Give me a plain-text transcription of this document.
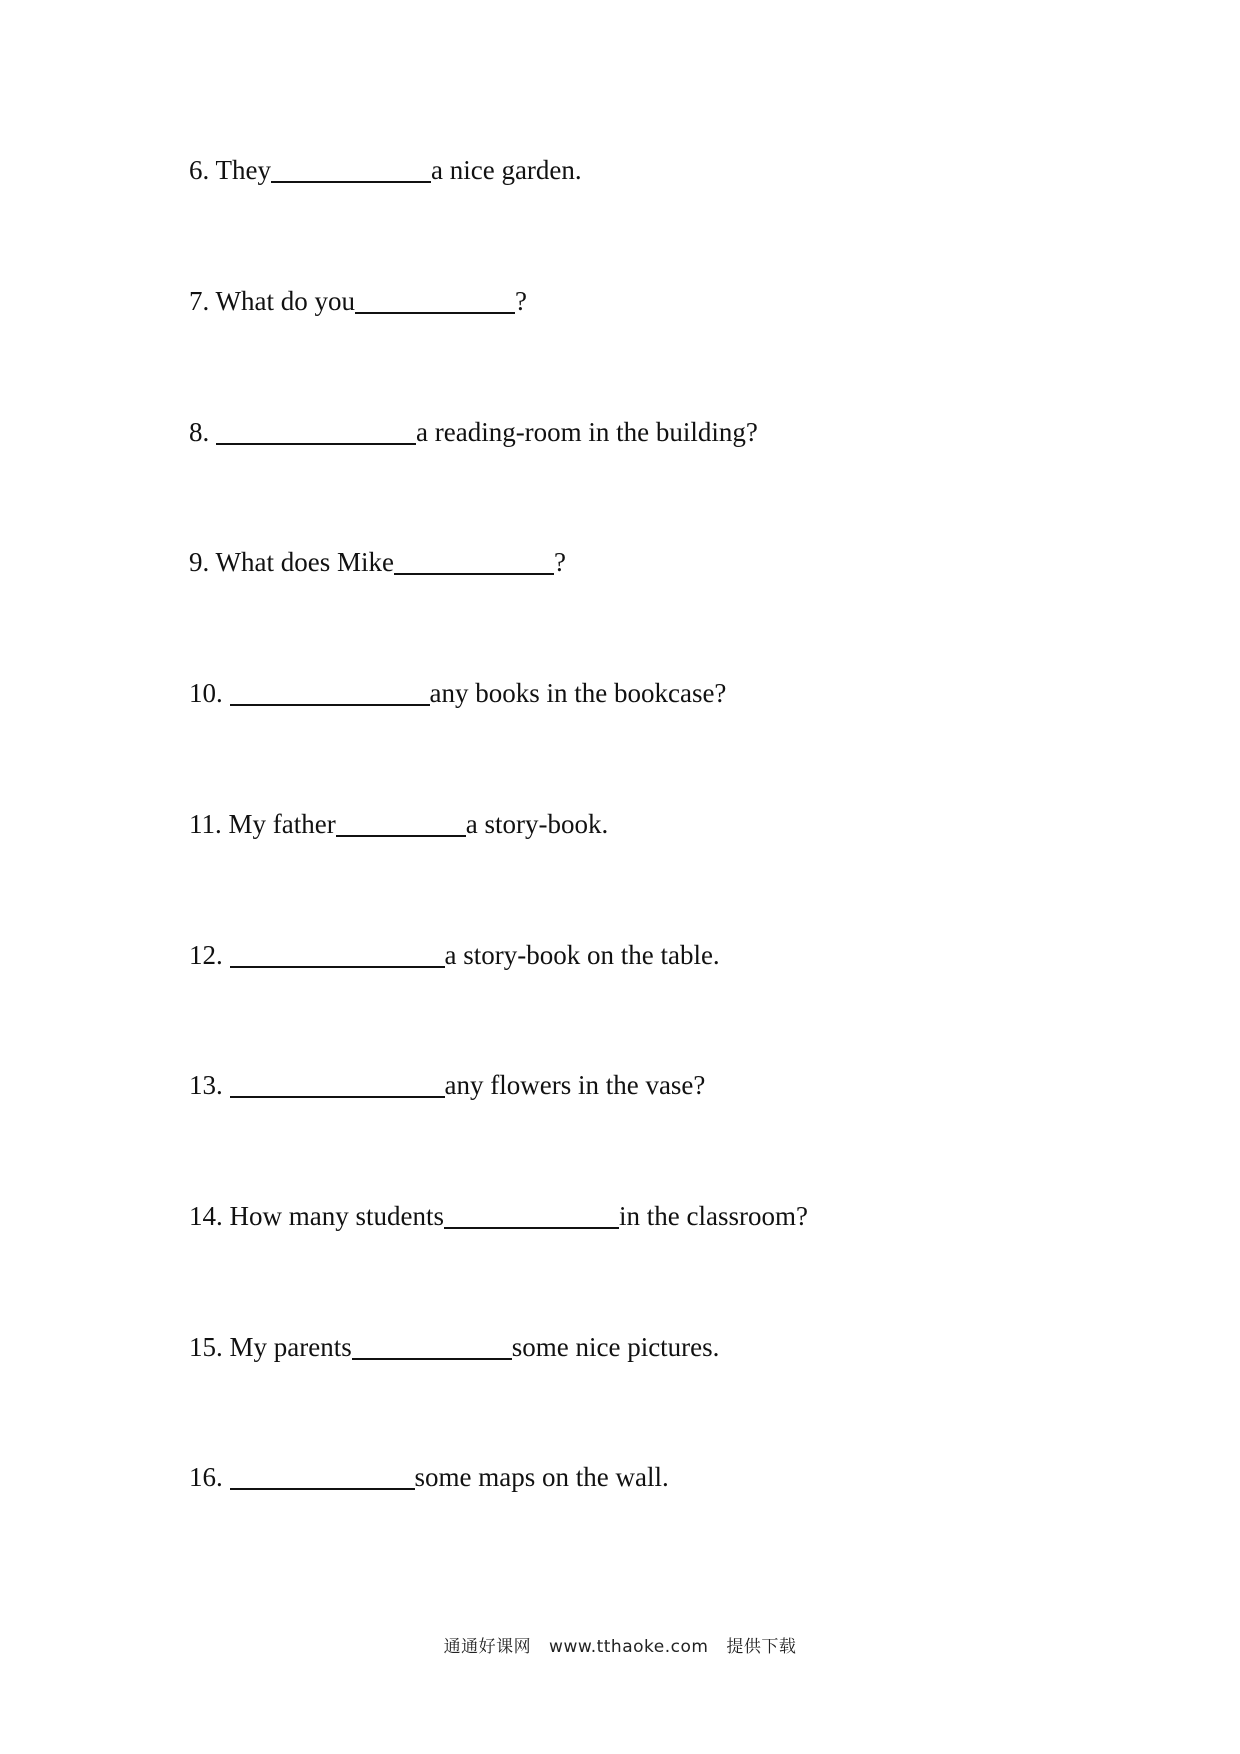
6. They	a nice garden.
7. What do you	?
8.	a reading-room in the building?
9. What does Mike	?
10.	any books in the bookcase?
11. My father	a story-book.
12.	a story-book on the table.
13.	any flowers in the vase?
14. How many students	in the classroom?
15. My parents	some nice pictures.
16.	some maps on the wall.
通通好课网 www.tthaoke.com 提供下载
